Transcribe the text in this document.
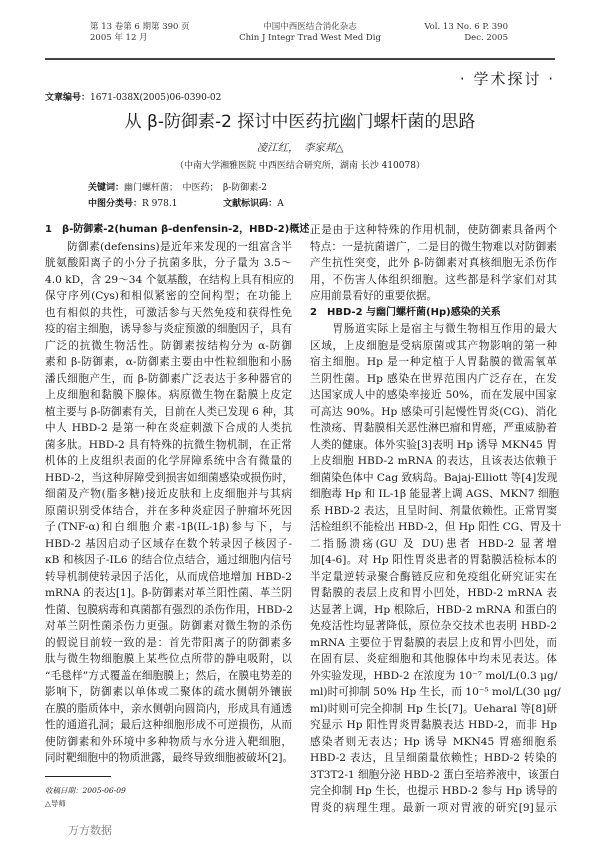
第 13 卷第 6 期第 390 页
2005 年 12 月
中国中西医结合消化杂志
Chin J Integr Trad West Med Dig
Vol. 13 No. 6 P. 390
Dec. 2005
· 学术探讨 ·
文章编号：1671-038X(2005)06-0390-02
从 β-防御素-2 探讨中医药抗幽门螺杆菌的思路
凌江红，　李家邦△
（中南大学湘雅医院 中西医结合研究所，湖南 长沙 410078）
关键词：幽门螺杆菌；　中医药；　β-防御素-2
中图分类号：R 978.1	文献标识码：A
1　β-防御素-2(human β-denfensin-2，HBD-2)概述
　　防御素(defensins)是近年来发现的一组富含半
胱氨酸阳离子的小分子抗菌多肽，分子量为 3.5～
4.0 kD，含 29～34 个氨基酸，在结构上具有相应的
保守序列(Cys)和相似紧密的空间构型；在功能上
也有相似的共性，可激活参与天然免疫和获得性免
疫的宿主细胞，诱导参与炎症预激的细胞因子，具有
广泛的抗微生物活性。防御素按结构分为 α-防御
素和 β-防御素，α-防御素主要由中性粒细胞和小肠
潘氏细胞产生，而 β-防御素广泛表达于多种器官的
上皮细胞和黏膜下腺体。病原微生物在黏膜上皮定
植主要与 β-防御素有关，目前在人类已发现 6 种，其
中人 HBD-2 是第一种在炎症刺激下合成的人类抗
菌多肽。HBD-2 具有特殊的抗微生物机制，在正常
机体的上皮组织表面的化学屏障系统中含有微量的
HBD-2，当这种屏障受到损害如细菌感染或损伤时，
细菌及产物(脂多糖)接近皮肤和上皮细胞并与其病
原菌识别受体结合，并在多种炎症因子肿瘤坏死因
子(TNF-α)和白细胞介素-1β(IL-1β)参与下，与
HBD-2 基因启动子区域存在数个转录因子核因子-
κB 和核因子-IL6 的结合位点结合，通过细胞内信号
转导机制使转录因子活化，从而成倍地增加 HBD-2
mRNA 的表达[1]。β-防御素对革兰阳性菌、革兰阴
性菌、包膜病毒和真菌都有强烈的杀伤作用，HBD-2
对革兰阴性菌杀伤力更强。防御素对微生物的杀伤
的假说目前较一致的是：首先带阳离子的防御素多
肽与微生物细胞膜上某些位点所带的静电吸附，以
“毛毯样”方式覆盖在细胞膜上；然后，在膜电势差的
影响下，防御素以单体或二聚体的疏水侧朝外镶嵌
在膜的脂质体中，亲水侧朝向圆筒内，形成具有通透
性的通道孔洞；最后这种细胞形成不可逆损伤，从而
使防御素和外环境中多种物质与水分进入靶细胞，
同时靶细胞中的物质泄露，最终导致细胞被破坏[2]。
正是由于这种特殊的作用机制，使防御素具备两个
特点：一是抗菌谱广，二是目的微生物难以对防御素
产生抗性突变，此外 β-防御素对真核细胞无杀伤作
用，不伤害人体组织细胞。这些都是科学家们对其
应用前景看好的重要依据。
2　HBD-2 与幽门螺杆菌(Hp)感染的关系
　　胃肠道实际上是宿主与微生物相互作用的最大
区域，上皮细胞是受病原菌或其产物影响的第一种
宿主细胞。Hp 是一种定植于人胃黏膜的微需氧革
兰阴性菌。Hp 感染在世界范围内广泛存在，在发
达国家成人中的感染率接近 50%，而在发展中国家
可高达 90%。Hp 感染可引起慢性胃炎(CG)、消化
性溃疡、胃黏膜相关恶性淋巴瘤和胃癌，严重威胁着
人类的健康。体外实验[3]表明 Hp 诱导 MKN45 胃
上皮细胞 HBD-2 mRNA 的表达，且该表达依赖于
细菌染色体中 Cag 致病岛。Bajaj-Elliott 等[4]发现
细胞毒 Hp 和 IL-1β 能显著上调 AGS、MKN7 细胞
系 HBD-2 表达，且呈时间、剂量依赖性。正常胃窦
活检组织不能检出 HBD-2，但 Hp 阳性 CG、胃及十
二指肠溃疡(GU 及 DU)患者 HBD-2 显著增
加[4-6]。对 Hp 阳性胃炎患者的胃黏膜活检标本的
半定量逆转录聚合酶链反应和免疫组化研究证实在
胃黏膜的表层上皮和胃小凹处，HBD-2 mRNA 表
达显著上调，Hp 根除后，HBD-2 mRNA 和蛋白的
免疫活性均显著降低，原位杂交技术也表明 HBD-2
mRNA 主要位于胃黏膜的表层上皮和胃小凹处，而
在固有层、炎症细胞和其他腺体中均未见表达。体
外实验发现，HBD-2 在浓度为 10⁻⁷ mol/L(0.3 μg/
ml)时可抑制 50% Hp 生长，而 10⁻⁵ mol/L(30 μg/
ml)时则可完全抑制 Hp 生长[7]。Ueharal 等[8]研
究显示 Hp 阳性胃炎胃黏膜表达 HBD-2，而非 Hp
感染者则无表达；Hp 诱导 MKN45 胃癌细胞系
HBD-2 表达，且呈细菌量依赖性；HBD-2 转染的
3T3T2-1 细胞分泌 HBD-2 蛋白至培养液中，该蛋白
完全抑制 Hp 生长，也提示 HBD-2 参与 Hp 诱导的
胃炎的病理生理。最新一项对胃液的研究[9]显示
收稿日期：2005-06-09
△导师
万方数据
